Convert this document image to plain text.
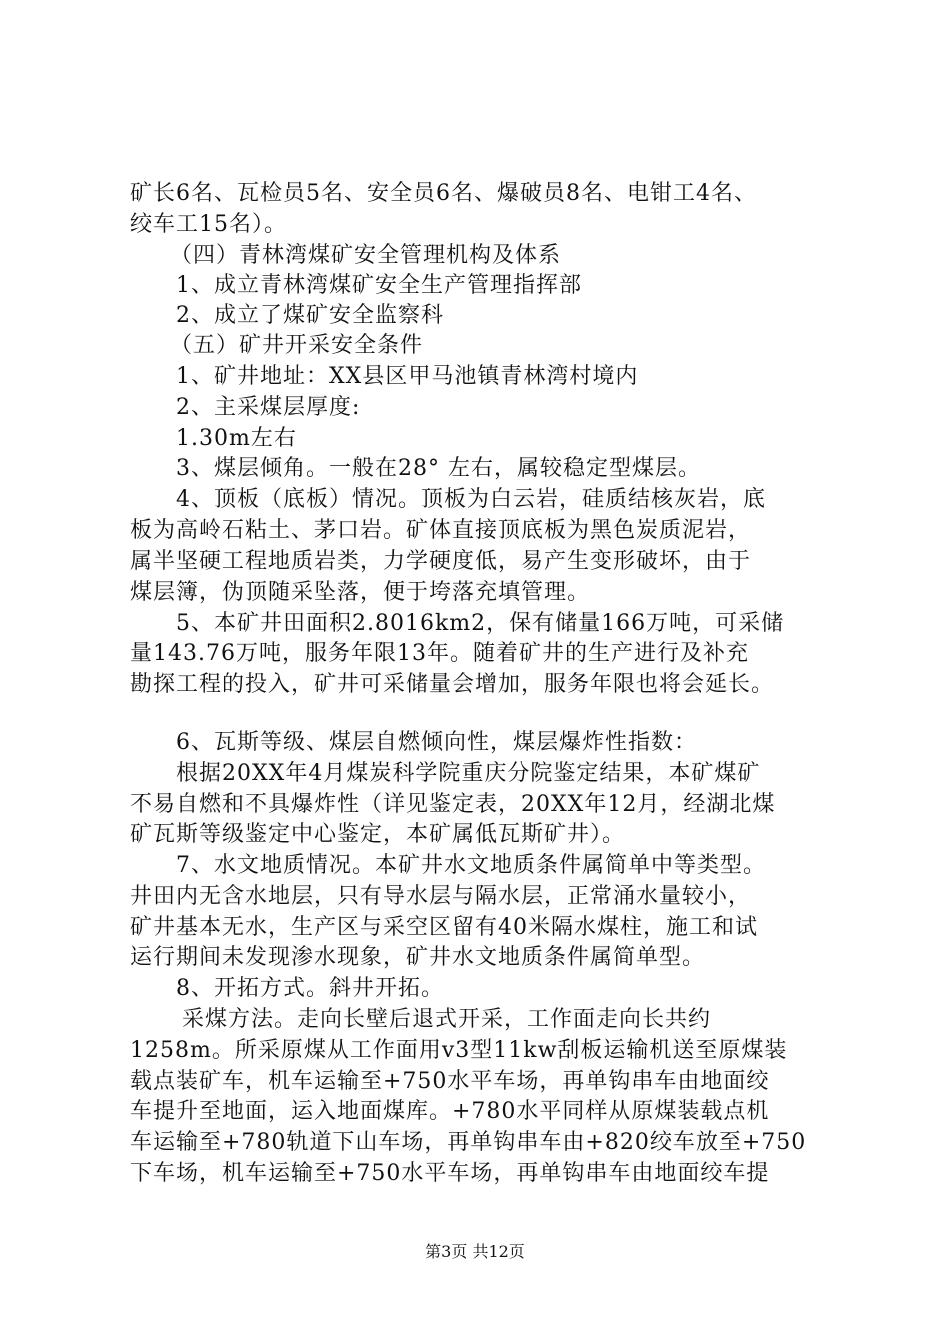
矿长6名、瓦检员5名、安全员6名、爆破员8名、电钳工4名、
绞车工15名）。
（四）青林湾煤矿安全管理机构及体系
1、成立青林湾煤矿安全生产管理指挥部
2、成立了煤矿安全监察科
（五）矿井开采安全条件
1、矿井地址：XX县区甲马池镇青林湾村境内
2、主采煤层厚度:
1.30m左右
3、煤层倾角。一般在28° 左右，属较稳定型煤层。
4、顶板（底板）情况。顶板为白云岩，硅质结核灰岩，底
板为高岭石粘土、茅口岩。矿体直接顶底板为黑色炭质泥岩，
属半坚硬工程地质岩类，力学硬度低，易产生变形破坏，由于
煤层簿，伪顶随采坠落，便于垮落充填管理。
5、本矿井田面积2.8016km2，保有储量166万吨，可采储
量143.76万吨，服务年限13年。随着矿井的生产进行及补充
勘探工程的投入，矿井可采储量会增加，服务年限也将会延长。
6、瓦斯等级、煤层自燃倾向性，煤层爆炸性指数：
根据20XX年4月煤炭科学院重庆分院鉴定结果，本矿煤矿
不易自燃和不具爆炸性（详见鉴定表，20XX年12月，经湖北煤
矿瓦斯等级鉴定中心鉴定，本矿属低瓦斯矿井）。
7、水文地质情况。本矿井水文地质条件属简单中等类型。
井田内无含水地层，只有导水层与隔水层，正常涌水量较小，
矿井基本无水，生产区与采空区留有40米隔水煤柱，施工和试
运行期间未发现渗水现象，矿井水文地质条件属简单型。
8、开拓方式。斜井开拓。
采煤方法。走向长壁后退式开采，工作面走向长共约
1258m。所采原煤从工作面用v3型11kw刮板运输机送至原煤装
载点装矿车，机车运输至+750水平车场，再单钩串车由地面绞
车提升至地面，运入地面煤库。+780水平同样从原煤装载点机
车运输至+780轨道下山车场，再单钩串车由+820绞车放至+750
下车场，机车运输至+750水平车场，再单钩串车由地面绞车提
第3页 共12页
